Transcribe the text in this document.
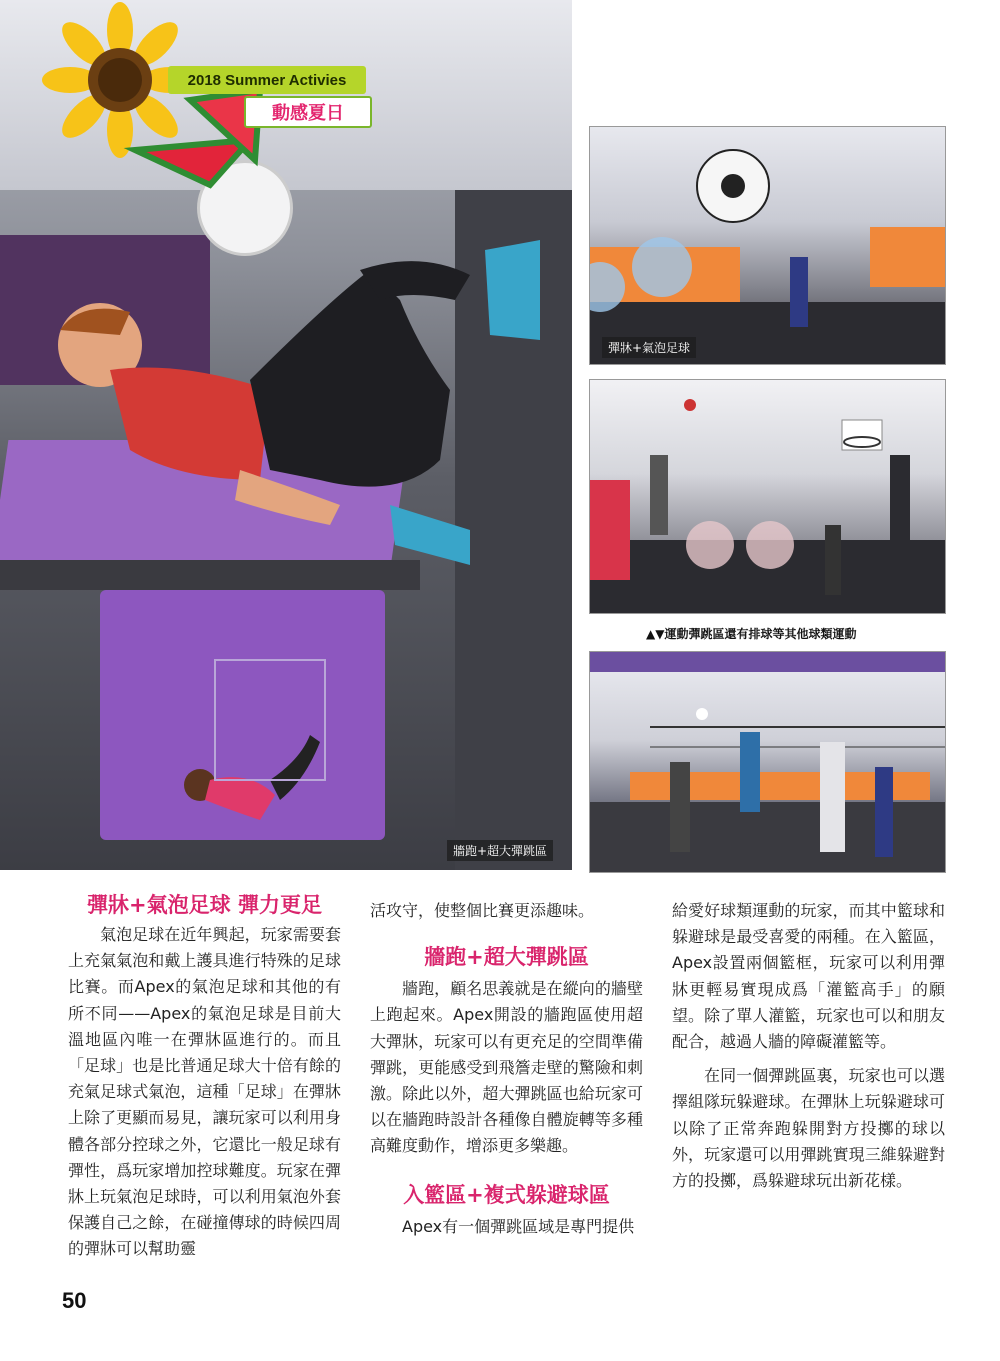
2018 Summer Activies
動感夏日
牆跑+超大彈跳區
彈牀+氣泡足球
▲▼運動彈跳區還有排球等其他球類運動
彈牀+氣泡足球 彈力更足

氣泡足球在近年興起，玩家需要套上充氣氣泡和戴上護具進行特殊的足球比賽。而Apex的氣泡足球和其他的有所不同——Apex的氣泡足球是目前大溫地區內唯一在彈牀區進行的。而且「足球」也是比普通足球大十倍有餘的充氣足球式氣泡，這種「足球」在彈牀上除了更顯而易見，讓玩家可以利用身體各部分控球之外，它還比一般足球有彈性，爲玩家增加控球難度。玩家在彈牀上玩氣泡足球時，可以利用氣泡外套保護自己之餘，在碰撞傳球的時候四周的彈牀可以幫助靈

活攻守，使整個比賽更添趣味。

牆跑+超大彈跳區

牆跑，顧名思義就是在縱向的牆壁上跑起來。Apex開設的牆跑區使用超大彈牀，玩家可以有更充足的空間準備彈跳，更能感受到飛簷走壁的驚險和刺激。除此以外，超大彈跳區也給玩家可以在牆跑時設計各種像自體旋轉等多種高難度動作，增添更多樂趣。

入籃區+複式躲避球區

Apex有一個彈跳區域是專門提供

給愛好球類運動的玩家，而其中籃球和躲避球是最受喜愛的兩種。在入籃區，Apex設置兩個籃框，玩家可以利用彈牀更輕易實現成爲「灌籃高手」的願望。除了單人灌籃，玩家也可以和朋友配合，越過人牆的障礙灌籃等。

在同一個彈跳區裏，玩家也可以選擇組隊玩躲避球。在彈牀上玩躲避球可以除了正常奔跑躲開對方投擲的球以外，玩家還可以用彈跳實現三維躲避對方的投擲，爲躲避球玩出新花樣。

50
